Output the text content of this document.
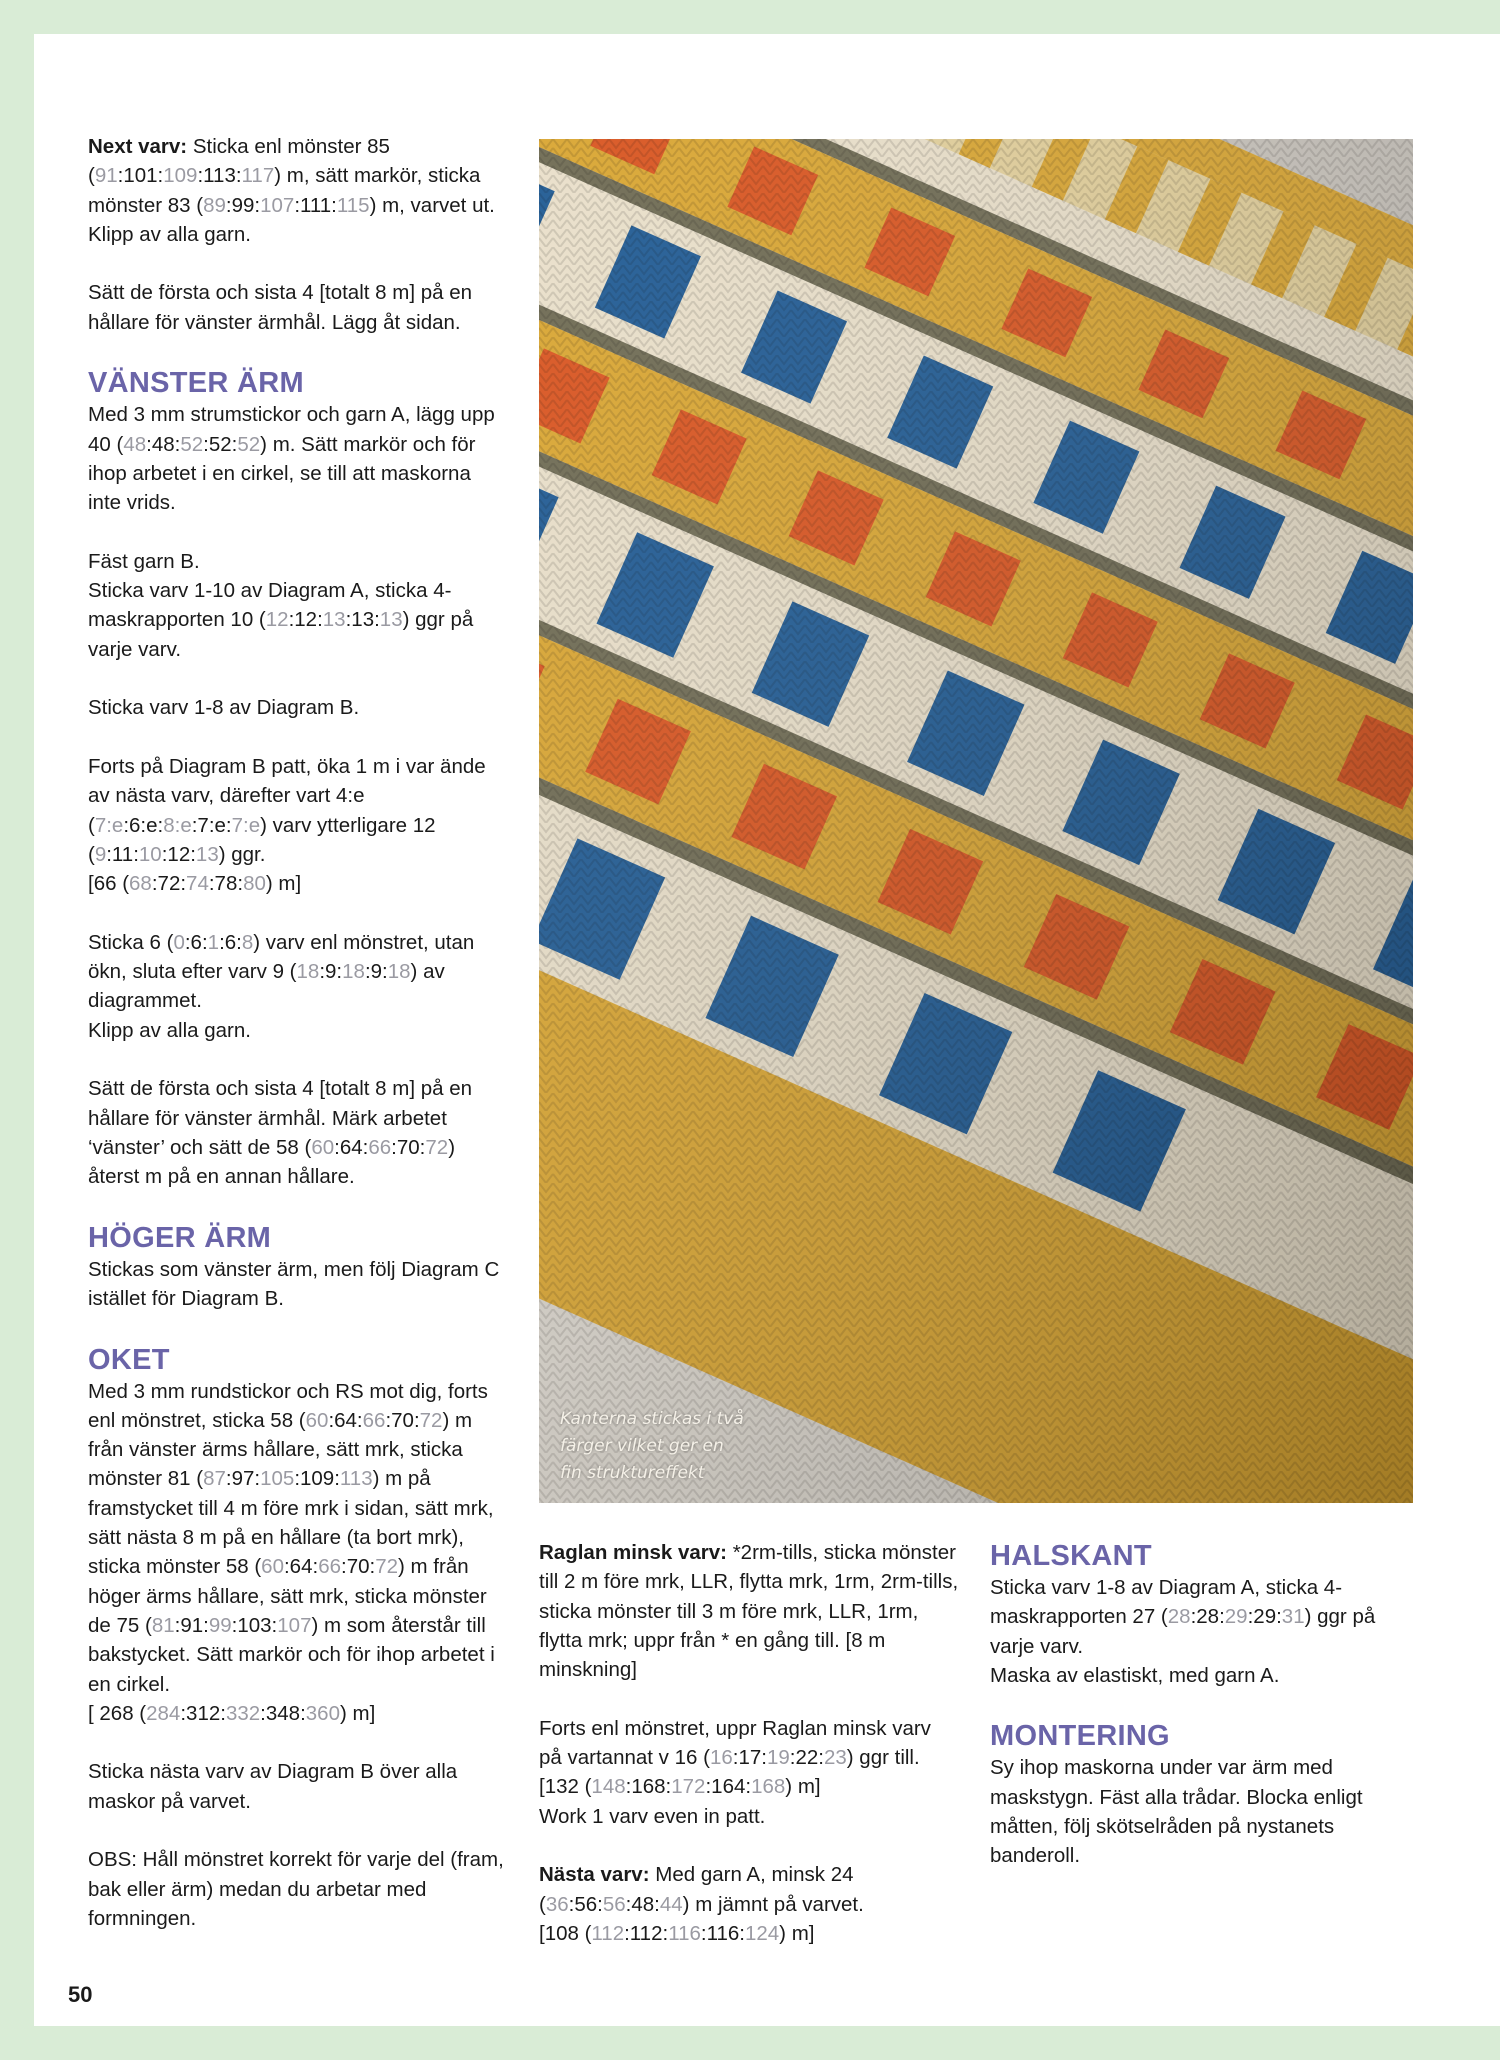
Next varv: Sticka enl mönster 85 (91:101:109:113:117) m, sätt markör, sticka mönster 83 (89:99:107:111:115) m, varvet ut. Klipp av alla garn.

Sätt de första och sista 4 [totalt 8 m] på en hållare för vänster ärmhål. Lägg åt sidan.

VÄNSTER ÄRM

Med 3 mm strumstickor och garn A, lägg upp 40 (48:48:52:52:52) m. Sätt markör och för ihop arbetet i en cirkel, se till att maskorna inte vrids.

Fäst garn B.
Sticka varv 1-10 av Diagram A, sticka 4-maskrapporten 10 (12:12:13:13:13) ggr på varje varv.

Sticka varv 1-8 av Diagram B.

Forts på Diagram B patt, öka 1 m i var ände av nästa varv, därefter vart 4:e (7:e:6:e:8:e:7:e:7:e) varv ytterligare 12 (9:11:10:12:13) ggr.
[66 (68:72:74:78:80) m]

Sticka 6 (0:6:1:6:8) varv enl mönstret, utan ökn, sluta efter varv 9 (18:9:18:9:18) av diagrammet.
Klipp av alla garn.

Sätt de första och sista 4 [totalt 8 m] på en hållare för vänster ärmhål. Märk arbetet ‘vänster’ och sätt de 58 (60:64:66:70:72) återst m på en annan hållare.

HÖGER ÄRM

Stickas som vänster ärm, men följ Diagram C istället för Diagram B.

OKET

Med 3 mm rundstickor och RS mot dig, forts enl mönstret, sticka 58 (60:64:66:70:72) m från vänster ärms hållare, sätt mrk, sticka mönster 81 (87:97:105:109:113) m på framstycket till 4 m före mrk i sidan, sätt mrk, sätt nästa 8 m på en hållare (ta bort mrk), sticka mönster 58 (60:64:66:70:72) m från höger ärms hållare, sätt mrk, sticka mönster de 75 (81:91:99:103:107) m som återstår till bakstycket. Sätt markör och för ihop arbetet i en cirkel.
[ 268 (284:312:332:348:360) m]

Sticka nästa varv av Diagram B över alla maskor på varvet.

OBS: Håll mönstret korrekt för varje del (fram, bak eller ärm) medan du arbetar med formningen.

Kanterna stickas i två färger vilket ger en fin struktureffekt

Raglan minsk varv: *2rm-tills, sticka mönster till 2 m före mrk, LLR, flytta mrk, 1rm, 2rm-tills, sticka mönster till 3 m före mrk, LLR, 1rm, flytta mrk; uppr från * en gång till. [8 m minskning]

Forts enl mönstret, uppr Raglan minsk varv på vartannat v 16 (16:17:19:22:23) ggr till.
[132 (148:168:172:164:168) m]
Work 1 varv even in patt.

Nästa varv: Med garn A, minsk 24 (36:56:56:48:44) m jämnt på varvet.
[108 (112:112:116:116:124) m]

HALSKANT

Sticka varv 1-8 av Diagram A, sticka 4-maskrapporten 27 (28:28:29:29:31) ggr på varje varv.
Maska av elastiskt, med garn A.

MONTERING

Sy ihop maskorna under var ärm med maskstygn. Fäst alla trådar. Blocka enligt måtten, följ skötselråden på nystanets banderoll.

50
